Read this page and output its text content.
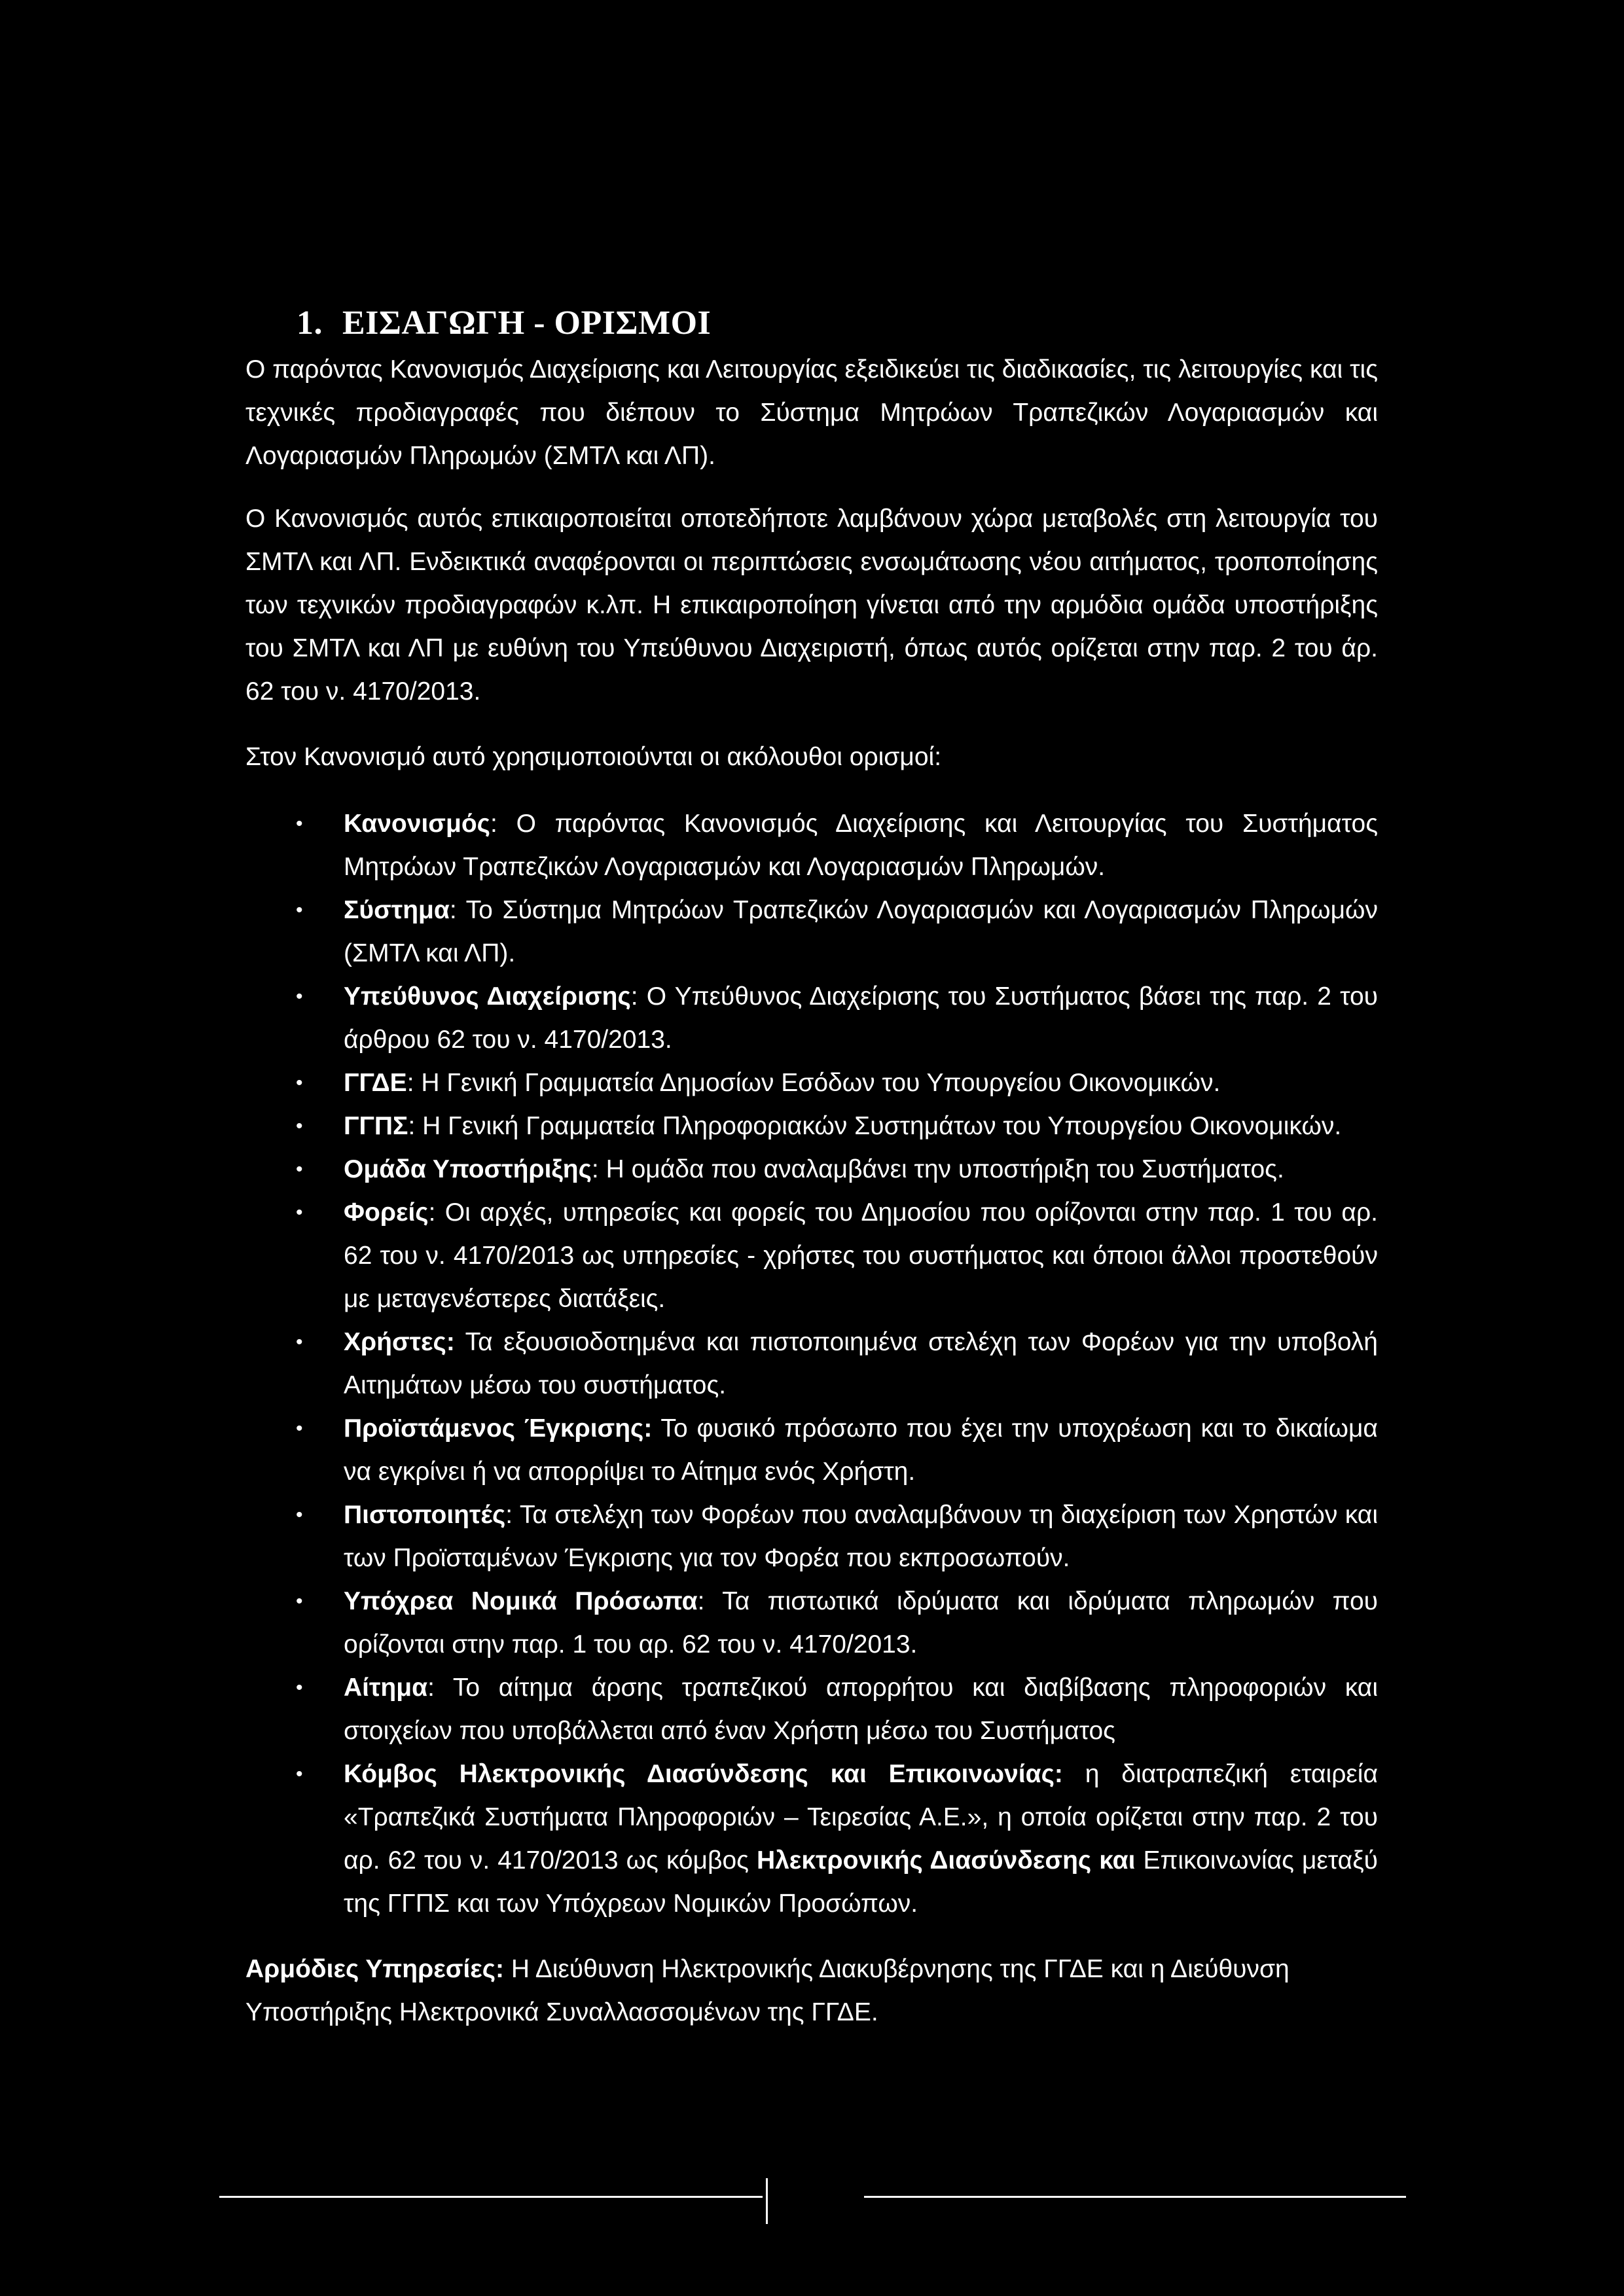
1. ΕΙΣΑΓΩΓΗ - ΟΡΙΣΜΟΙ

Ο παρόντας Κανονισμός Διαχείρισης και Λειτουργίας εξειδικεύει τις διαδικασίες, τις λειτουργίες και τις τεχνικές προδιαγραφές που διέπουν το Σύστημα Μητρώων Τραπεζικών Λογαριασμών και Λογαριασμών Πληρωμών (ΣΜΤΛ και ΛΠ).

Ο Κανονισμός αυτός επικαιροποιείται οποτεδήποτε λαμβάνουν χώρα μεταβολές στη λειτουργία του ΣΜΤΛ και ΛΠ. Ενδεικτικά αναφέρονται οι περιπτώσεις ενσωμάτωσης νέου αιτήματος, τροποποίησης των τεχνικών προδιαγραφών κ.λπ. Η επικαιροποίηση γίνεται από την αρμόδια ομάδα υποστήριξης του ΣΜΤΛ και ΛΠ με ευθύνη του Υπεύθυνου Διαχειριστή, όπως αυτός ορίζεται στην παρ. 2 του άρ. 62 του ν. 4170/2013.

Στον Κανονισμό αυτό χρησιμοποιούνται οι ακόλουθοι ορισμοί:

• Κανονισμός: Ο παρόντας Κανονισμός Διαχείρισης και Λειτουργίας του Συστήματος Μητρώων Τραπεζικών Λογαριασμών και Λογαριασμών Πληρωμών.
• Σύστημα: Το Σύστημα Μητρώων Τραπεζικών Λογαριασμών και Λογαριασμών Πληρωμών (ΣΜΤΛ και ΛΠ).
• Υπεύθυνος Διαχείρισης: Ο Υπεύθυνος Διαχείρισης του Συστήματος βάσει της παρ. 2 του άρθρου 62 του ν. 4170/2013.
• ΓΓΔΕ: Η Γενική Γραμματεία Δημοσίων Εσόδων του Υπουργείου Οικονομικών.
• ΓΓΠΣ: Η Γενική Γραμματεία Πληροφοριακών Συστημάτων του Υπουργείου Οικονομικών.
• Ομάδα Υποστήριξης: Η ομάδα που αναλαμβάνει την υποστήριξη του Συστήματος.
• Φορείς: Οι αρχές, υπηρεσίες και φορείς του Δημοσίου που ορίζονται στην παρ. 1 του αρ. 62 του ν. 4170/2013 ως υπηρεσίες - χρήστες του συστήματος και όποιοι άλλοι προστεθούν με μεταγενέστερες διατάξεις.
• Χρήστες: Τα εξουσιοδοτημένα και πιστοποιημένα στελέχη των Φορέων για την υποβολή Αιτημάτων μέσω του συστήματος.
• Προϊστάμενος Έγκρισης: Το φυσικό πρόσωπο που έχει την υποχρέωση και το δικαίωμα να εγκρίνει ή να απορρίψει το Αίτημα ενός Χρήστη.
• Πιστοποιητές: Τα στελέχη των Φορέων που αναλαμβάνουν τη διαχείριση των Χρηστών και των Προϊσταμένων Έγκρισης για τον Φορέα που εκπροσωπούν.
• Υπόχρεα Νομικά Πρόσωπα: Τα πιστωτικά ιδρύματα και ιδρύματα πληρωμών που ορίζονται στην παρ. 1 του αρ. 62 του ν. 4170/2013.
• Αίτημα: Το αίτημα άρσης τραπεζικού απορρήτου και διαβίβασης πληροφοριών και στοιχείων που υποβάλλεται από έναν Χρήστη μέσω του Συστήματος
• Κόμβος Ηλεκτρονικής Διασύνδεσης και Επικοινωνίας: η διατραπεζική εταιρεία «Τραπεζικά Συστήματα Πληροφοριών – Τειρεσίας Α.Ε.», η οποία ορίζεται στην παρ. 2 του αρ. 62 του ν. 4170/2013 ως κόμβος Ηλεκτρονικής Διασύνδεσης και Επικοινωνίας μεταξύ της ΓΓΠΣ και των Υπόχρεων Νομικών Προσώπων.

Αρμόδιες Υπηρεσίες: Η Διεύθυνση Ηλεκτρονικής Διακυβέρνησης της ΓΓΔΕ και η Διεύθυνση Υποστήριξης Ηλεκτρονικά Συναλλασσομένων της ΓΓΔΕ.
